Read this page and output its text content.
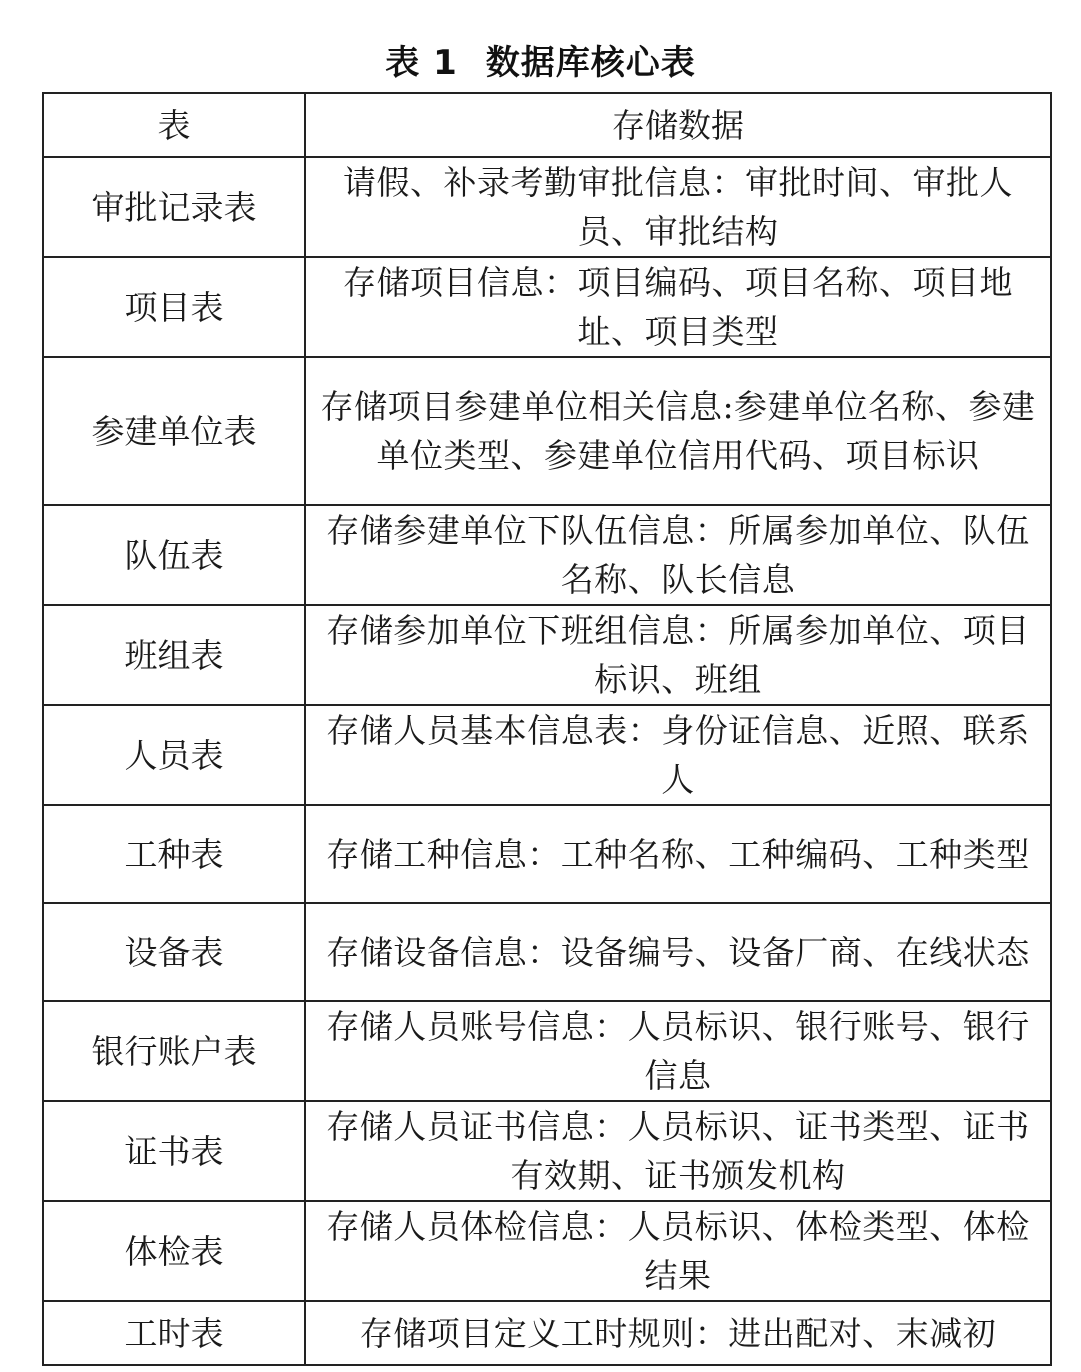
表 1 数据库核心表
表	存储数据
审批记录表	请假、补录考勤审批信息：审批时间、审批人员、审批结构
项目表	存储项目信息：项目编码、项目名称、项目地址、项目类型
参建单位表	存储项目参建单位相关信息:参建单位名称、参建单位类型、参建单位信用代码、项目标识
队伍表	存储参建单位下队伍信息：所属参加单位、队伍名称、队长信息
班组表	存储参加单位下班组信息：所属参加单位、项目标识、班组
人员表	存储人员基本信息表：身份证信息、近照、联系人
工种表	存储工种信息：工种名称、工种编码、工种类型
设备表	存储设备信息：设备编号、设备厂商、在线状态
银行账户表	存储人员账号信息：人员标识、银行账号、银行信息
证书表	存储人员证书信息：人员标识、证书类型、证书有效期、证书颁发机构
体检表	存储人员体检信息：人员标识、体检类型、体检结果
工时表	存储项目定义工时规则：进出配对、末减初
